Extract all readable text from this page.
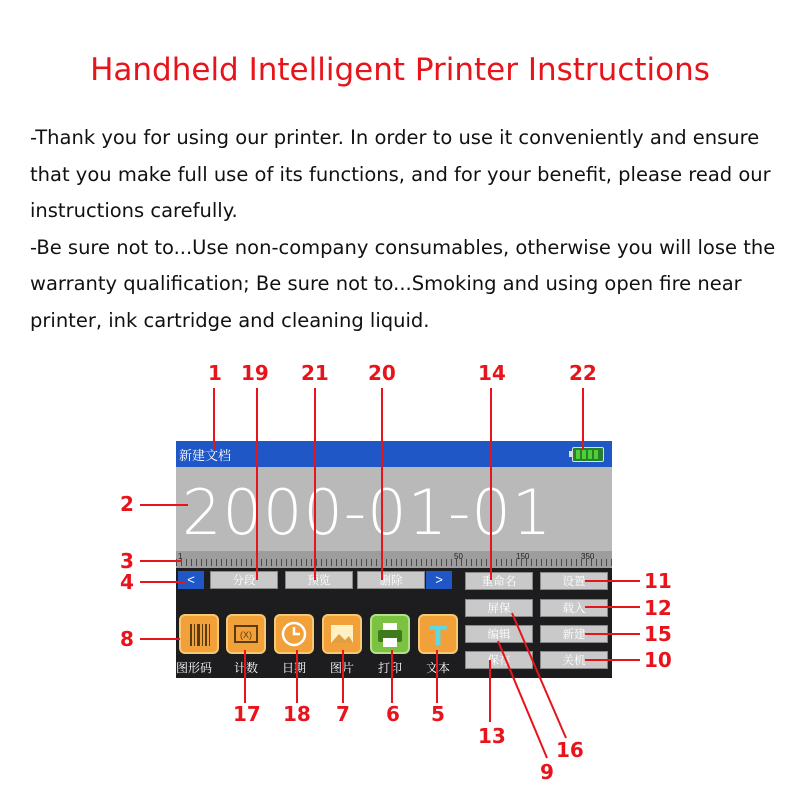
Handheld Intelligent Printer Instructions

-Thank you for using our printer. In order to use it conveniently and ensure that you make full use of its functions, and for your benefit, please read our instructions carefully.

-Be sure not to...Use non-company consumables, otherwise you will lose the warranty qualification; Be sure not to...Smoking and using open fire near printer, ink cartridge and cleaning liquid.

新建文档
2000-01-01
1	50	150	350
<	分段	预览	删除	>	重命名	设置
屏保	载入
编辑	新建
保存	关机
图形码
(X)
计数 日期 图片 打印
T
文本
1 19 21 20	14	22
2
3
4
8
17 18 7 6 5
13
9
16
11
12
15
10
